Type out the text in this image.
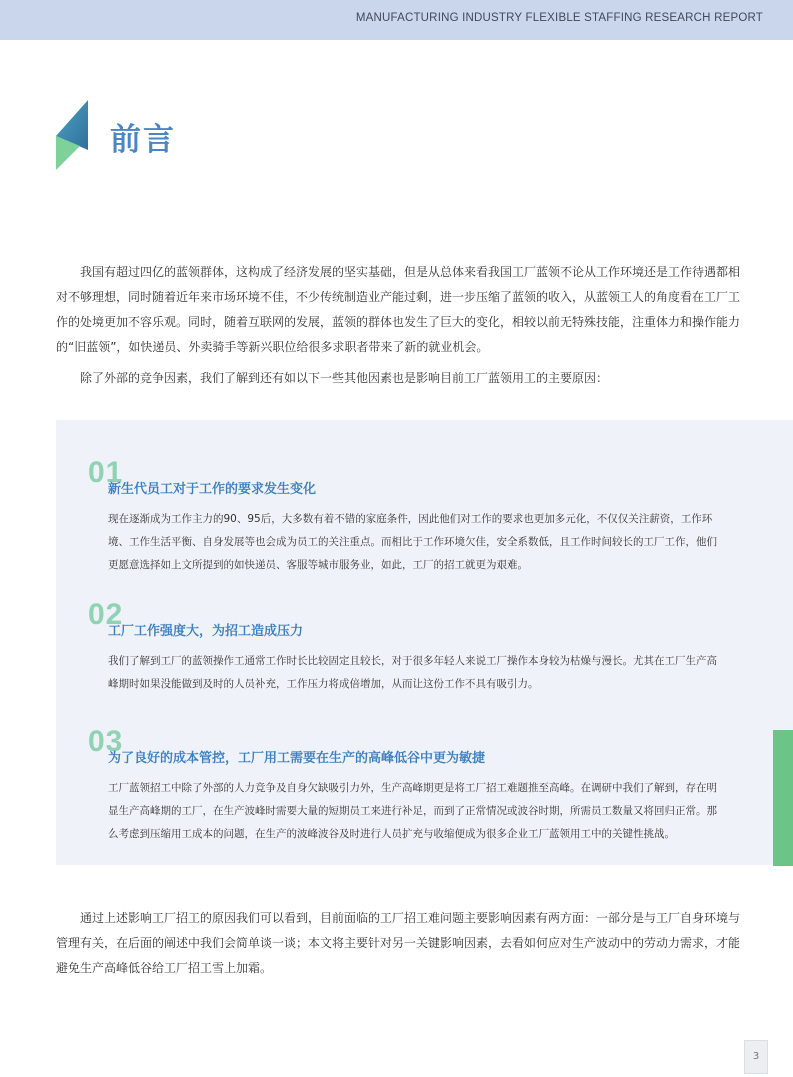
MANUFACTURING INDUSTRY FLEXIBLE STAFFING RESEARCH REPORT
前言

我国有超过四亿的蓝领群体，这构成了经济发展的坚实基础，但是从总体来看我国工厂蓝领不论从工作环境还是工作待遇都相对不够理想，同时随着近年来市场环境不佳，不少传统制造业产能过剩，进一步压缩了蓝领的收入，从蓝领工人的角度看在工厂工作的处境更加不容乐观。同时，随着互联网的发展，蓝领的群体也发生了巨大的变化，相较以前无特殊技能，注重体力和操作能力的“旧蓝领”，如快递员、外卖骑手等新兴职位给很多求职者带来了新的就业机会。

除了外部的竞争因素，我们了解到还有如以下一些其他因素也是影响目前工厂蓝领用工的主要原因：

01
新生代员工对于工作的要求发生变化

现在逐渐成为工作主力的90、95后，大多数有着不错的家庭条件，因此他们对工作的要求也更加多元化，不仅仅关注薪资，工作环境、工作生活平衡、自身发展等也会成为员工的关注重点。而相比于工作环境欠佳，安全系数低，且工作时间较长的工厂工作，他们更愿意选择如上文所提到的如快递员、客服等城市服务业，如此，工厂的招工就更为艰难。

02
工厂工作强度大，为招工造成压力

我们了解到工厂的蓝领操作工通常工作时长比较固定且较长，对于很多年轻人来说工厂操作本身较为枯燥与漫长。尤其在工厂生产高峰期时如果没能做到及时的人员补充，工作压力将成倍增加，从而让这份工作不具有吸引力。

03
为了良好的成本管控，工厂用工需要在生产的高峰低谷中更为敏捷

工厂蓝领招工中除了外部的人力竞争及自身欠缺吸引力外，生产高峰期更是将工厂招工难题推至高峰。在调研中我们了解到，存在明显生产高峰期的工厂，在生产波峰时需要大量的短期员工来进行补足，而到了正常情况或波谷时期，所需员工数量又将回归正常。那么考虑到压缩用工成本的问题，在生产的波峰波谷及时进行人员扩充与收缩便成为很多企业工厂蓝领用工中的关键性挑战。

通过上述影响工厂招工的原因我们可以看到，目前面临的工厂招工难问题主要影响因素有两方面：一部分是与工厂自身环境与管理有关，在后面的阐述中我们会简单谈一谈；本文将主要针对另一关键影响因素，去看如何应对生产波动中的劳动力需求，才能避免生产高峰低谷给工厂招工雪上加霜。

3
